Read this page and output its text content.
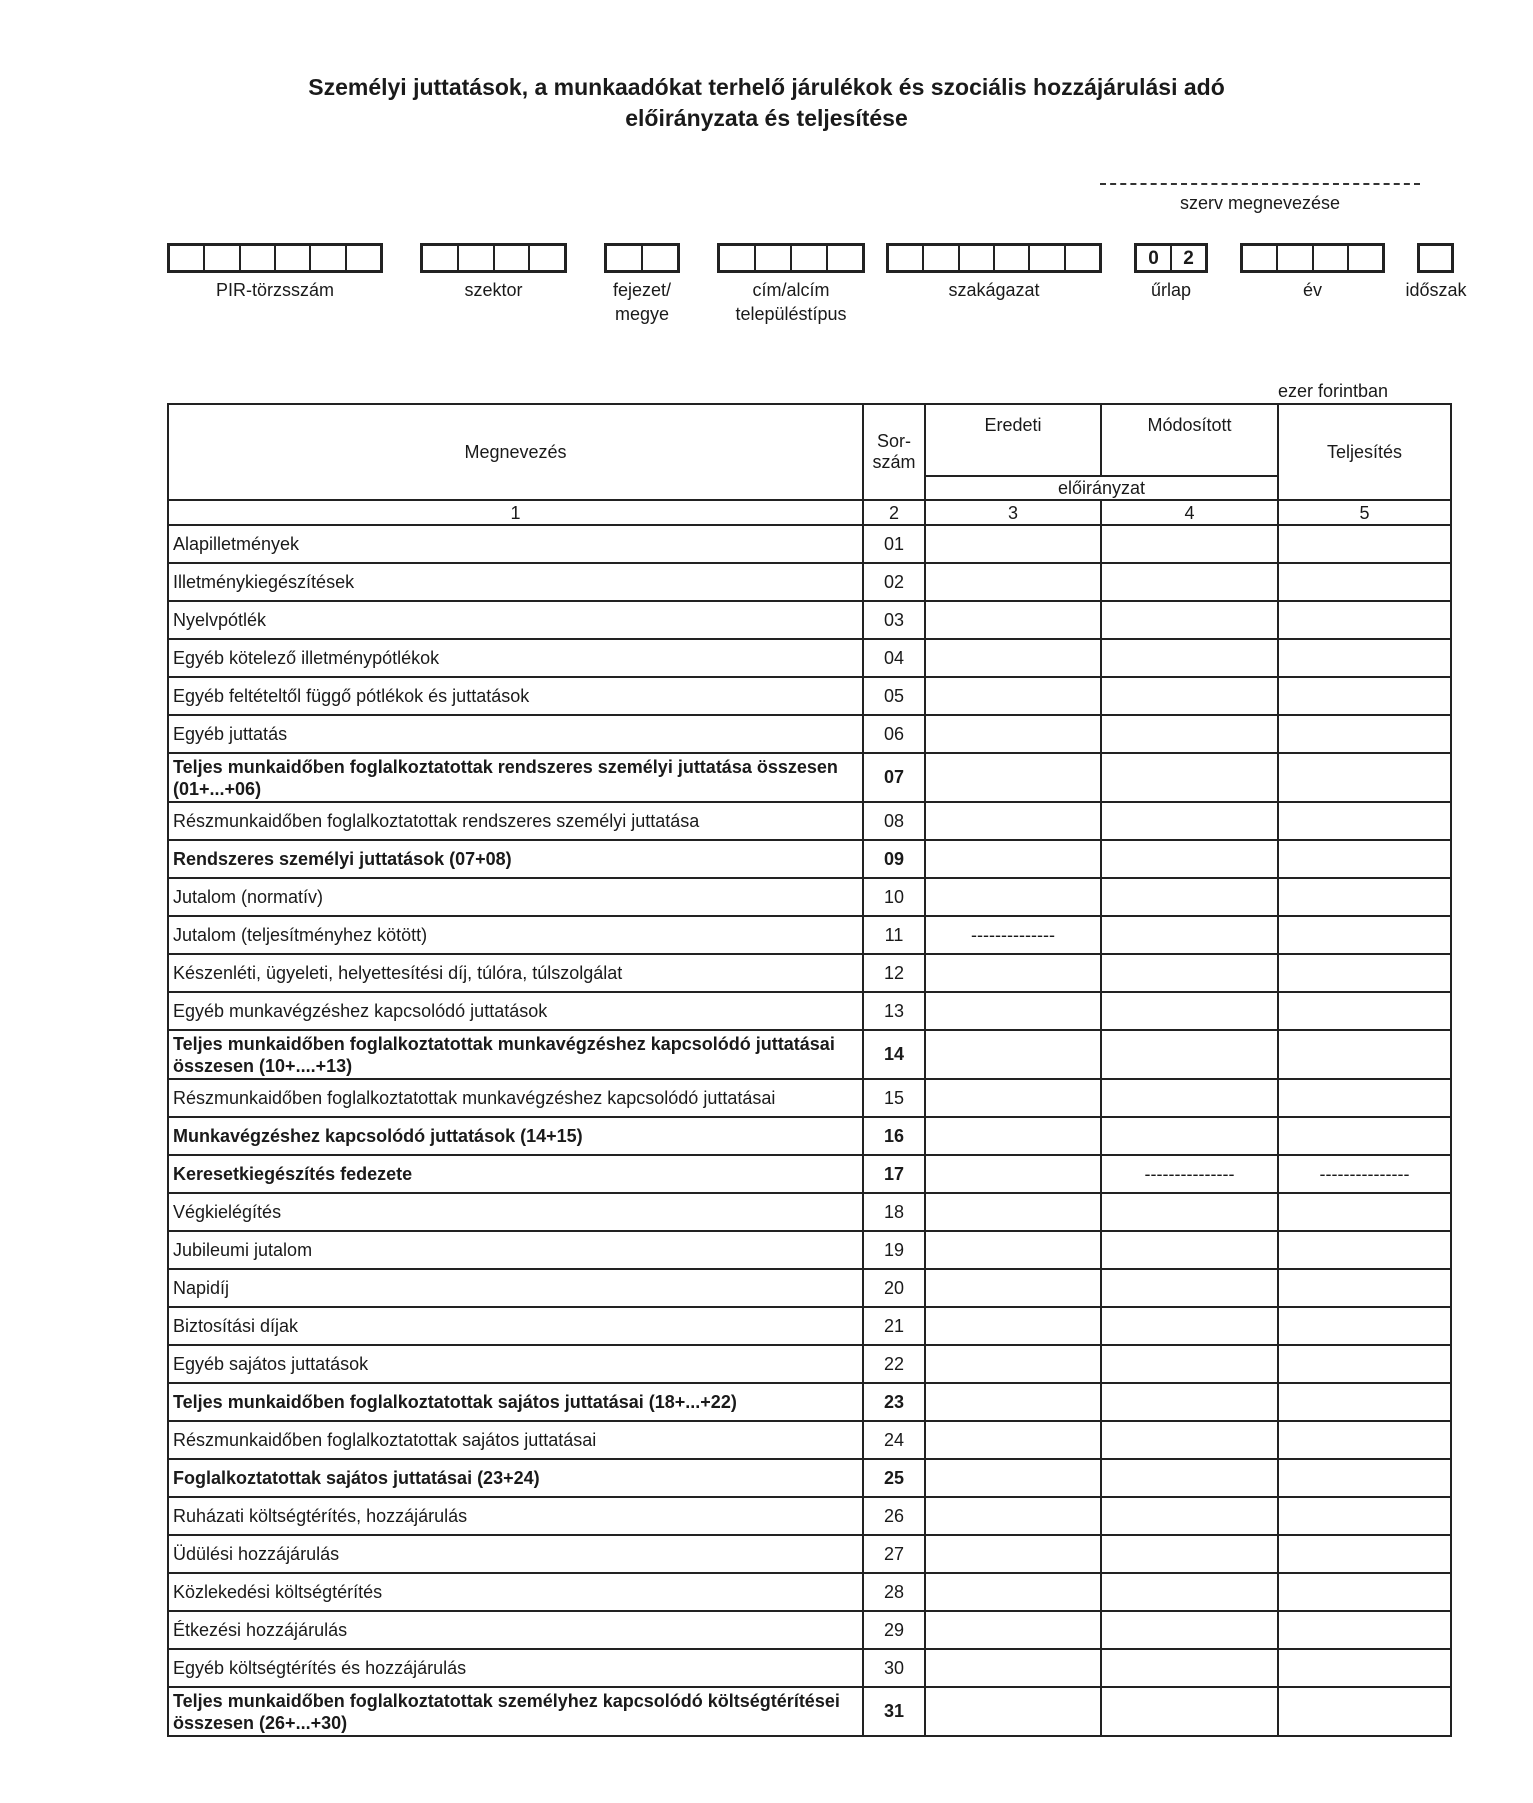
Személyi juttatások, a munkaadókat terhelő járulékok és szociális hozzájárulási adó
előirányzata és teljesítése
szerv megnevezése
PIR-törzsszám	szektor	fejezet/
megye
cím/alcím
településtípus
szakágazat
0	2
űrlap	év	időszak
ezer forintban
Megnevezés	Sor-
szám	Eredeti	Módosított	Teljesítés
		előirányzat		
1	2	3	4	5
Alapilletmények	01			
Illetménykiegészítések	02			
Nyelvpótlék	03			
Egyéb kötelező illetménypótlékok	04			
Egyéb feltételtől függő pótlékok és juttatások	05			
Egyéb juttatás	06			
Teljes munkaidőben foglalkoztatottak rendszeres személyi juttatása összesen (01+...+06)	07			
Részmunkaidőben foglalkoztatottak rendszeres személyi juttatása	08			
Rendszeres személyi juttatások (07+08)	09			
Jutalom (normatív)	10			
Jutalom (teljesítményhez kötött)	11	--------------		
Készenléti, ügyeleti, helyettesítési díj, túlóra, túlszolgálat	12			
Egyéb munkavégzéshez kapcsolódó juttatások	13			
Teljes munkaidőben foglalkoztatottak munkavégzéshez kapcsolódó juttatásai összesen (10+....+13)	14			
Részmunkaidőben foglalkoztatottak munkavégzéshez kapcsolódó juttatásai	15			
Munkavégzéshez kapcsolódó juttatások (14+15)	16			
Keresetkiegészítés fedezete	17		---------------	---------------
Végkielégítés	18			
Jubileumi jutalom	19			
Napidíj	20			
Biztosítási díjak	21			
Egyéb sajátos juttatások	22			
Teljes munkaidőben foglalkoztatottak sajátos juttatásai (18+...+22)	23			
Részmunkaidőben foglalkoztatottak sajátos juttatásai	24			
Foglalkoztatottak sajátos juttatásai (23+24)	25			
Ruházati költségtérítés, hozzájárulás	26			
Üdülési hozzájárulás	27			
Közlekedési költségtérítés	28			
Étkezési hozzájárulás	29			
Egyéb költségtérítés és hozzájárulás	30			
Teljes munkaidőben foglalkoztatottak személyhez kapcsolódó költségtérítései összesen (26+...+30)	31			
